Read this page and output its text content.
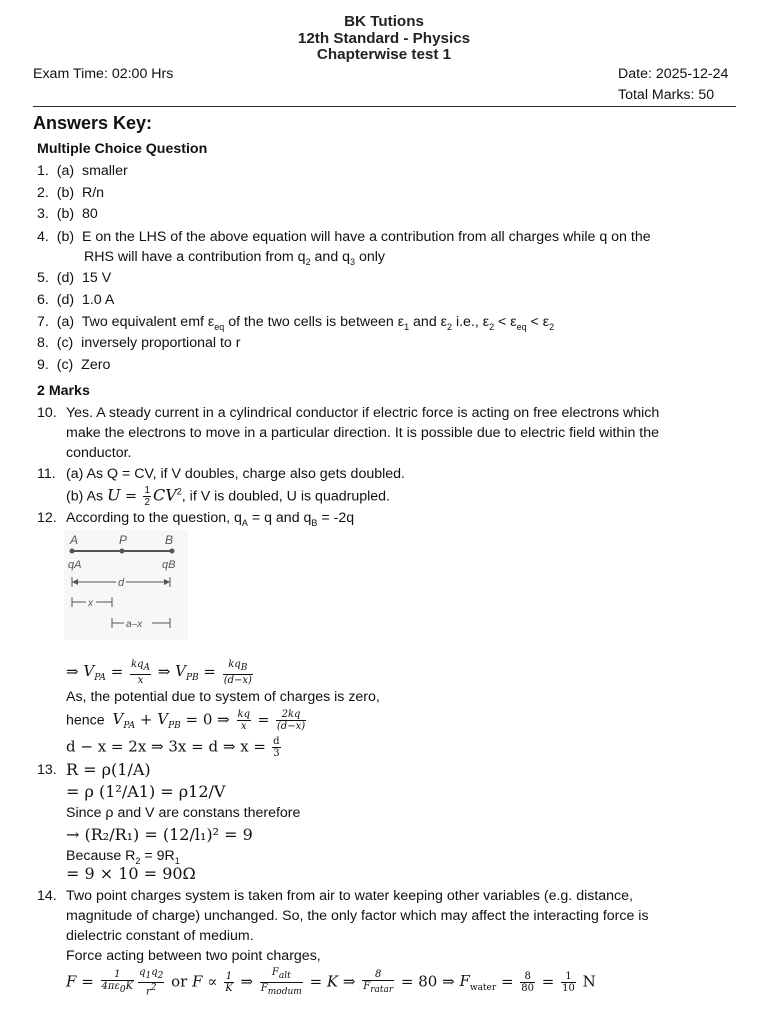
BK Tutions
12th Standard - Physics
Chapterwise test 1
Exam Time: 02:00 Hrs	Date: 2025-12-24
Total Marks: 50
Answers Key:
Multiple Choice Question
1. (a) smaller
2. (b) R/n
3. (b) 80
4. (b) E on the LHS of the above equation will have a contribution from all charges while q on the
RHS will have a contribution from $q_2$ and $q_3$ only
5. (d) 15 V
6. (d) 1.0 A
7. (a) Two equivalent emf $\varepsilon_{eq}$ of the two cells is between $\varepsilon_1$ and $\varepsilon_2$ i.e., $\varepsilon_2 < \varepsilon_{eq} < \varepsilon_2$
8. (c) inversely proportional to r
9. (c) Zero
2 Marks
10. Yes. A steady current in a cylindrical conductor if electric force is acting on free electrons which
make the electrons to move in a particular direction. It is possible due to electric field within the
conductor.
11. (a) As Q = CV, if V doubles, charge also gets doubled.
(b) As $U = \frac{1}{2} CV^2$, if V is doubled, U is quadrupled.
12. According to the question, $q_A = q$ and $q_B = -2q$
A	P	B
qA	qB
d
x
a–x
⇒ $V_{PA} = \frac{kq_A}{x}$ ⇒ $V_{PB} = \frac{kq_B}{(d-x)}$
As, the potential due to system of charges is zero,
hence $V_{PA} + V_{PB} = 0$ ⇒ $\frac{kq}{x} = \frac{2kq}{(d-x)}$
d − x = 2x ⇒ 3x = d ⇒ $x = \frac{d}{3}$
13. R = ρ(1/A)
= ρ (1²/A1) = ρ12/V
Since ρ and V are constans therefore
→ (R₂/R₁) = (12/l₁)² = 9
Because $R_2 = 9R_1$
= 9 × 10 = 90Ω
14. Two point charges system is taken from air to water keeping other variables (e.g. distance,
magnitude of charge) unchanged. So, the only factor which may affect the interacting force is
dielectric constant of medium.
Force acting between two point charges,
$F = \frac{1}{4\pi\varepsilon_0K} \frac{q_1q_2}{r^2}$ or $F \propto \frac{1}{K}$ ⇒ $\frac{F_{alt}}{F_{modum}} = K$ ⇒ $\frac{8}{F_{ratar}} = 80$ ⇒ $F_{water} = \frac{8}{80} = \frac{1}{10}$ N
